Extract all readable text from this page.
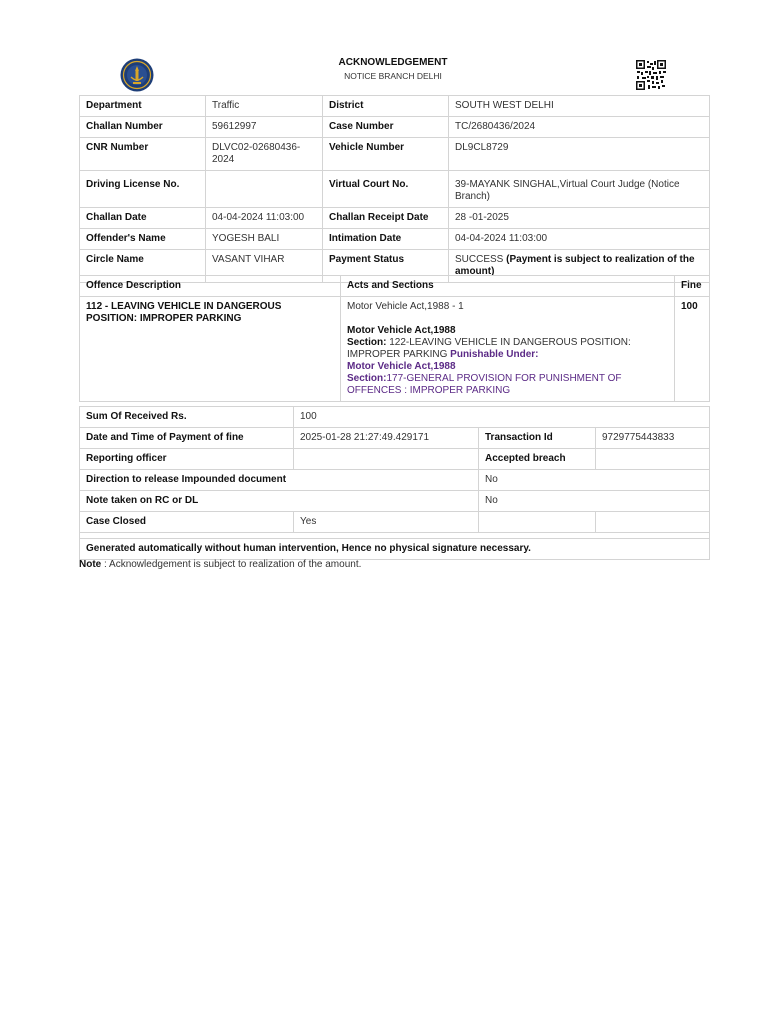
ACKNOWLEDGEMENT
NOTICE BRANCH DELHI
Department	Traffic	District	SOUTH WEST DELHI
Challan Number	59612997	Case Number	TC/2680436/2024
CNR Number	DLVC02-02680436-2024	Vehicle Number	DL9CL8729
Driving License No.		Virtual Court No.	39-MAYANK SINGHAL,Virtual Court Judge (Notice Branch)
Challan Date	04-04-2024 11:03:00	Challan Receipt Date	28 -01-2025
Offender's Name	YOGESH BALI	Intimation Date	04-04-2024 11:03:00
Circle Name	VASANT VIHAR	Payment Status	SUCCESS (Payment is subject to realization of the amount)
Offence Description	Acts and Sections	Fine
112 - LEAVING VEHICLE IN DANGEROUS POSITION: IMPROPER PARKING	Motor Vehicle Act,1988 - 1
Motor Vehicle Act,1988
Section: 122-LEAVING VEHICLE IN DANGEROUS POSITION: IMPROPER PARKING Punishable Under:
Motor Vehicle Act,1988
Section:177-GENERAL PROVISION FOR PUNISHMENT OF OFFENCES : IMPROPER PARKING	100
Sum Of Received Rs.	100		
Date and Time of Payment of fine	2025-01-28 21:27:49.429171	Transaction Id	9729775443833
Reporting officer		Accepted breach	
Direction to release Impounded document		No	
Note taken on RC or DL		No	
Case Closed	Yes		

Generated automatically without human intervention, Hence no physical signature necessary.			
Note : Acknowledgement is subject to realization of the amount.
